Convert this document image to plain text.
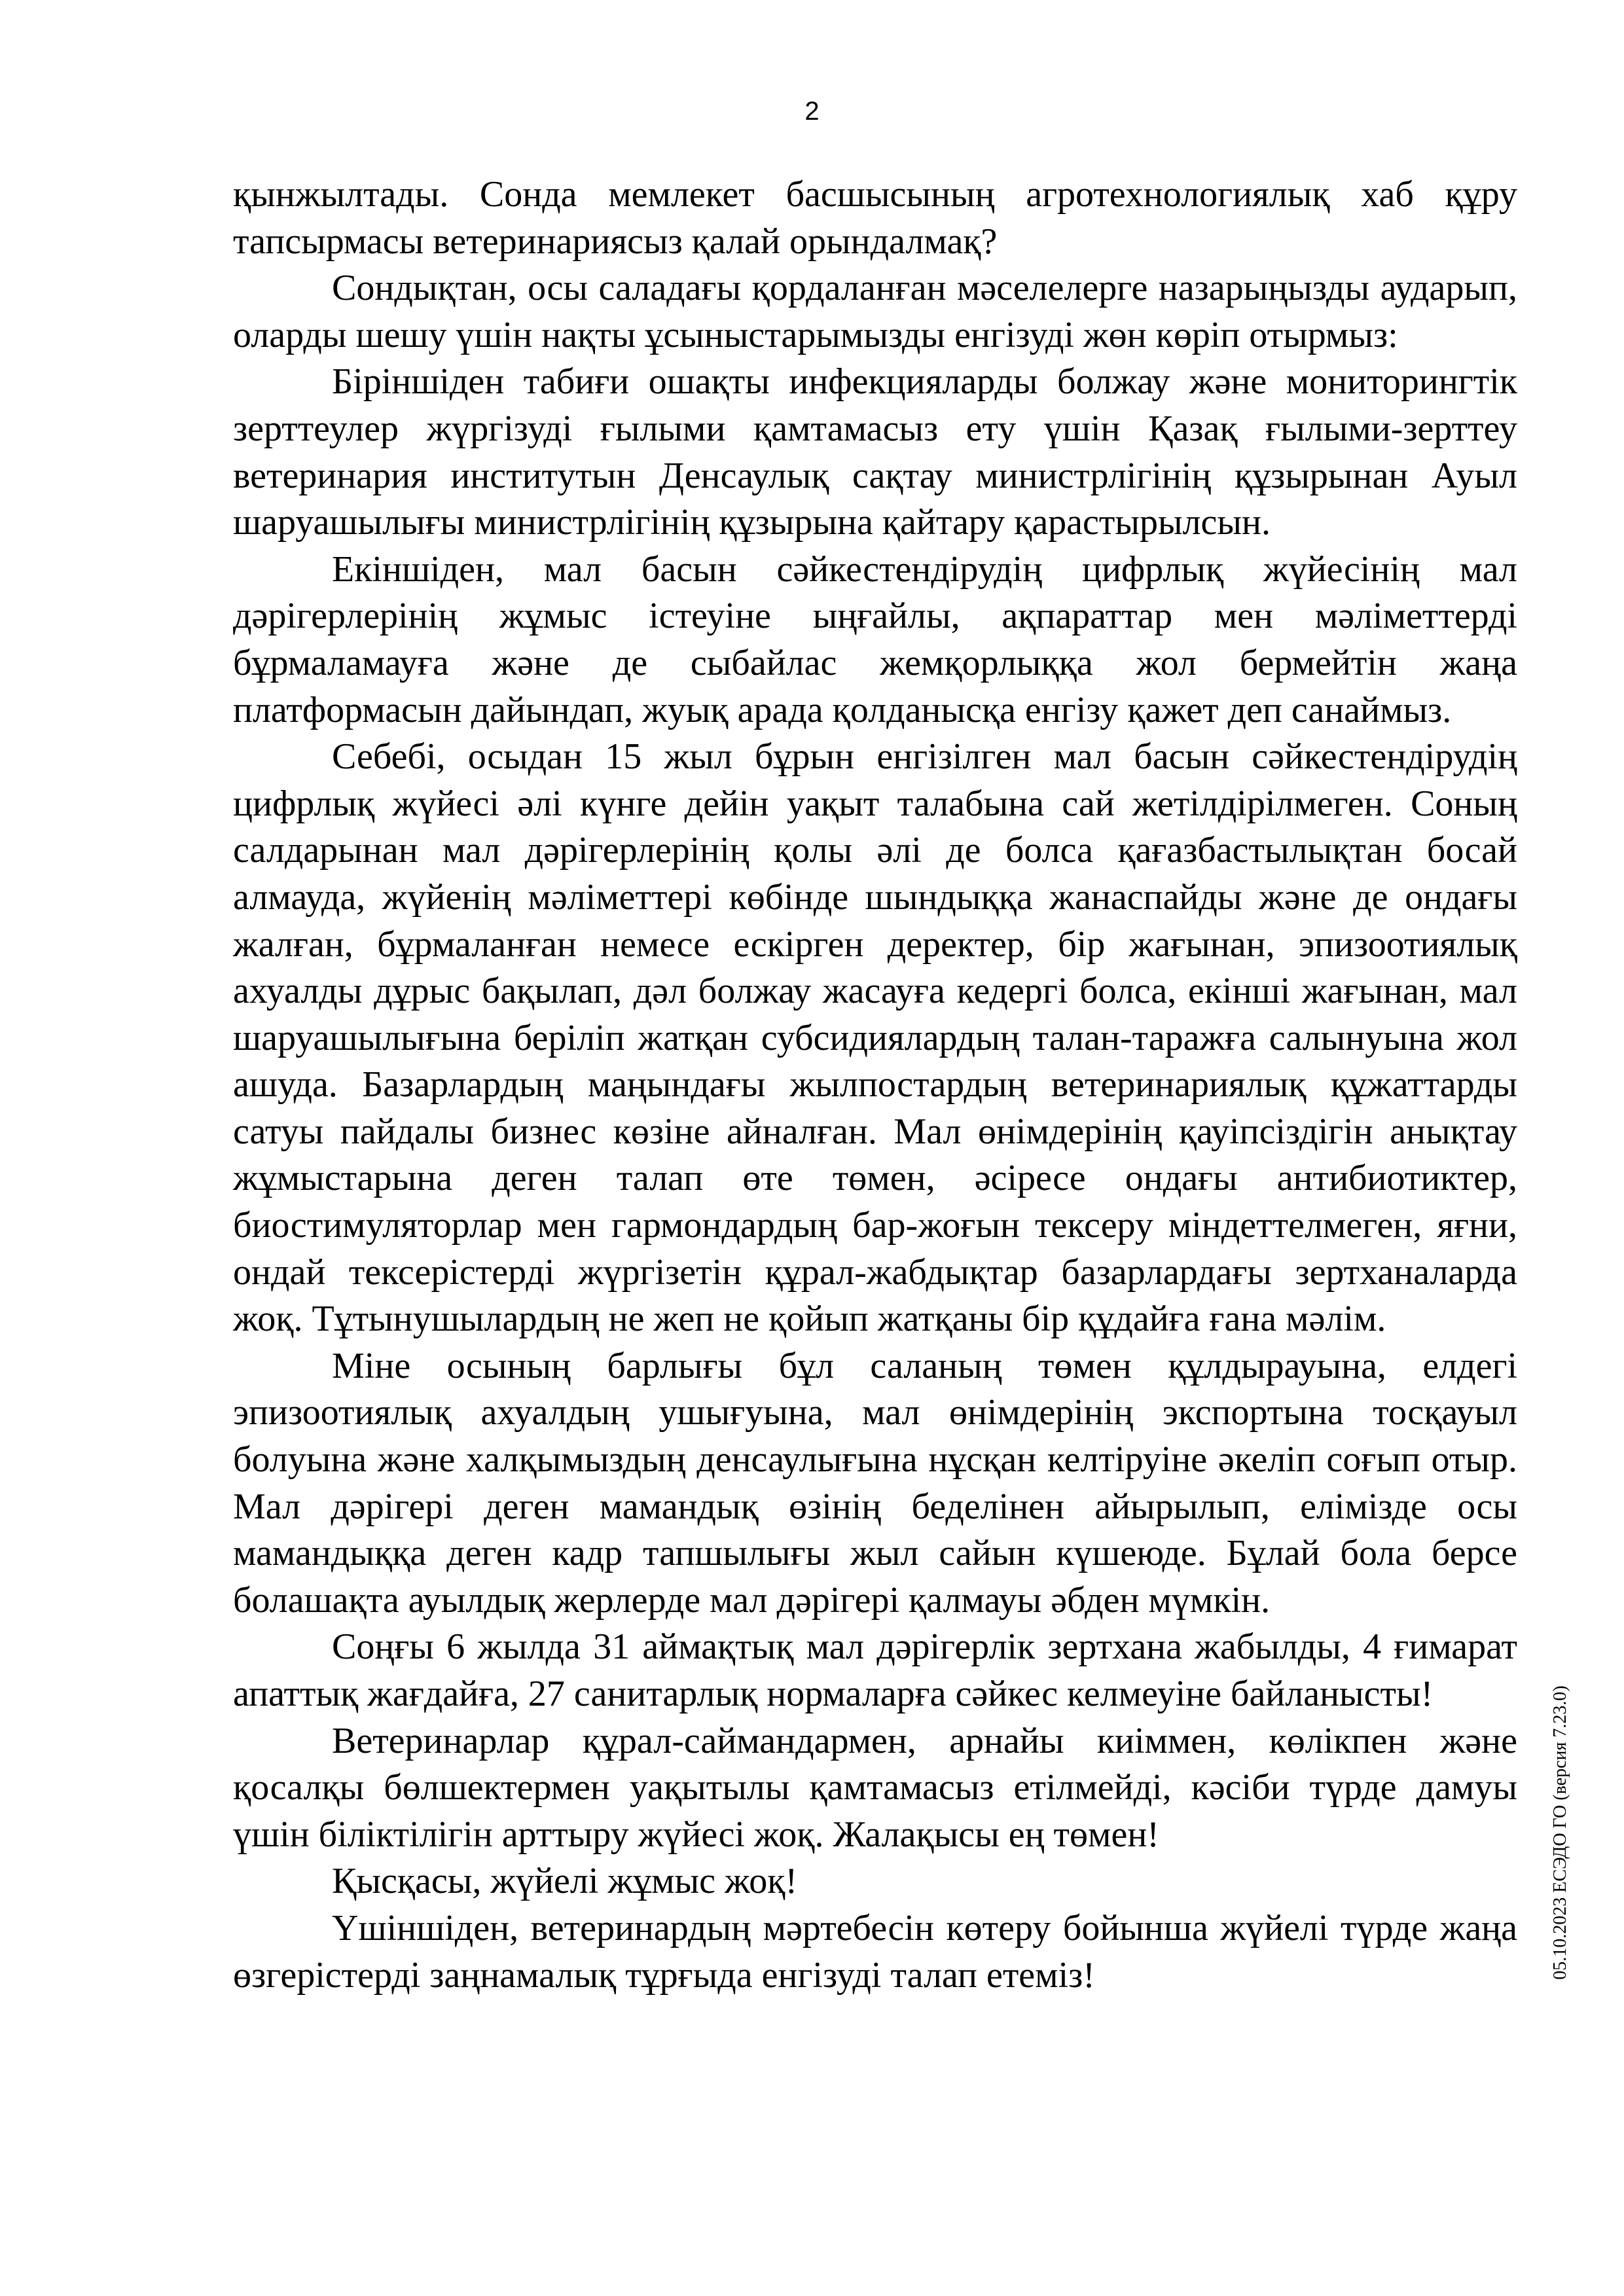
2

қынжылтады. Сонда мемлекет басшысының агротехнологиялық хаб құру тапсырмасы ветеринариясыз қалай орындалмақ?

Сондықтан, осы саладағы қордаланған мәселелерге назарыңызды аударып, оларды шешу үшін нақты ұсыныстарымызды енгізуді жөн көріп отырмыз:

Біріншіден табиғи ошақты инфекцияларды болжау және мониторингтік зерттеулер жүргізуді ғылыми қамтамасыз ету үшін Қазақ ғылыми-зерттеу ветеринария институтын Денсаулық сақтау министрлігінің құзырынан Ауыл шаруашылығы министрлігінің құзырына қайтару қарастырылсын.

Екіншіден, мал басын сәйкестендірудің цифрлық жүйесінің мал дәрігерлерінің жұмыс істеуіне ыңғайлы, ақпараттар мен мәліметтерді бұрмаламауға және де сыбайлас жемқорлыққа жол бермейтін жаңа платформасын дайындап, жуық арада қолданысқа енгізу қажет деп санаймыз.

Себебі, осыдан 15 жыл бұрын енгізілген мал басын сәйкестендірудің цифрлық жүйесі әлі күнге дейін уақыт талабына сай жетілдірілмеген. Соның салдарынан мал дәрігерлерінің қолы әлі де болса қағазбастылықтан босай алмауда, жүйенің мәліметтері көбінде шындыққа жанаспайды және де ондағы жалған, бұрмаланған немесе ескірген деректер, бір жағынан, эпизоотиялық ахуалды дұрыс бақылап, дәл болжау жасауға кедергі болса, екінші жағынан, мал шаруашылығына беріліп жатқан субсидиялардың талан-таражға салынуына жол ашуда. Базарлардың маңындағы жылпостардың ветеринариялық құжаттарды сатуы пайдалы бизнес көзіне айналған. Мал өнімдерінің қауіпсіздігін анықтау жұмыстарына деген талап өте төмен, әсіресе ондағы антибиотиктер, биостимуляторлар мен гармондардың бар-жоғын тексеру міндеттелмеген, яғни, ондай тексерістерді жүргізетін құрал-жабдықтар базарлардағы зертханаларда жоқ. Тұтынушылардың не жеп не қойып жатқаны бір құдайға ғана мәлім.

Міне осының барлығы бұл саланың төмен құлдырауына, елдегі эпизоотиялық ахуалдың ушығуына, мал өнімдерінің экспортына тосқауыл болуына және халқымыздың денсаулығына нұсқан келтіруіне әкеліп соғып отыр. Мал дәрігері деген мамандық өзінің беделінен айырылып, елімізде осы мамандыққа деген кадр тапшылығы жыл сайын күшеюде. Бұлай бола берсе болашақта ауылдық жерлерде мал дәрігері қалмауы әбден мүмкін.

Соңғы 6 жылда 31 аймақтық мал дәрігерлік зертхана жабылды, 4 ғимарат апаттық жағдайға, 27 санитарлық нормаларға сәйкес келмеуіне байланысты!

Ветеринарлар құрал-саймандармен, арнайы киіммен, көлікпен және қосалқы бөлшектермен уақытылы қамтамасыз етілмейді, кәсіби түрде дамуы үшін біліктілігін арттыру жүйесі жоқ. Жалақысы ең төмен!

Қысқасы, жүйелі жұмыс жоқ!

Үшіншіден, ветеринардың мәртебесін көтеру бойынша жүйелі түрде жаңа өзгерістерді заңнамалық тұрғыда енгізуді талап етеміз!	05.10.2023 ЕСЭДО ГО (версия 7.23.0)
